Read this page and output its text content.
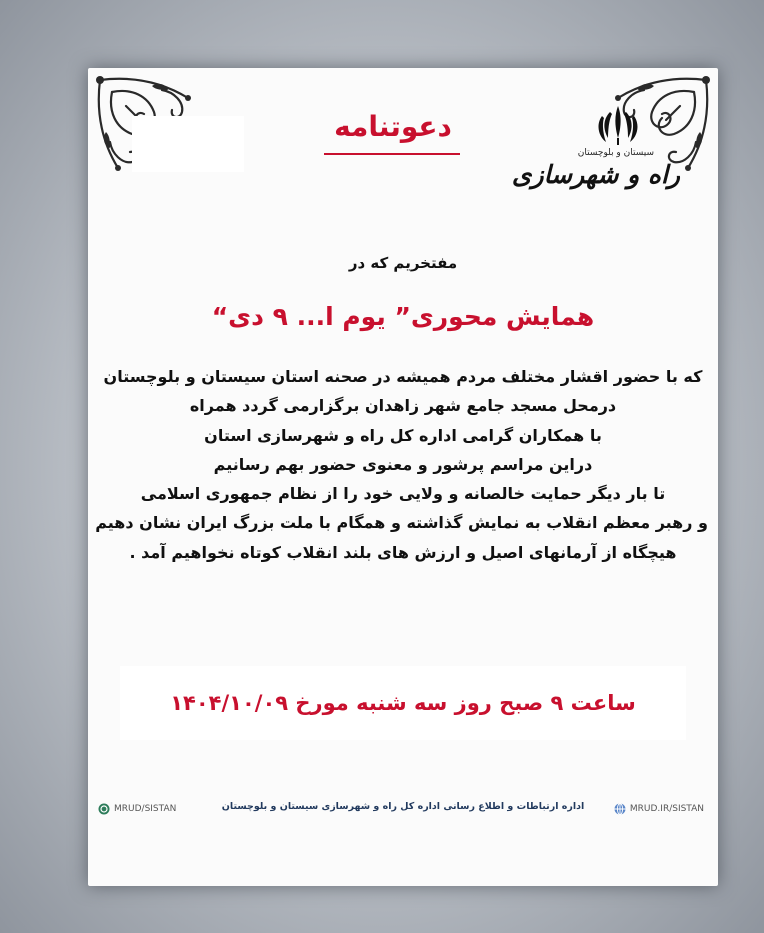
دعوتنامه
سیستان و بلوچستان
راه و شهرسازی
مفتخریم که در
همایش محوری” یوم ا... ۹ دی“
که با حضور اقشار مختلف مردم همیشه در صحنه استان سیستان و بلوچستان
درمحل مسجد جامع شهر زاهدان برگزارمی گردد همراه
با همکاران گرامی اداره کل راه و شهرسازی استان
دراین مراسم پرشور و معنوی حضور بهم رسانیم
تا بار دیگر حمایت خالصانه و ولایی خود را از نظام جمهوری اسلامی
و رهبر معظم انقلاب به نمایش گذاشته و همگام با ملت بزرگ ایران نشان دهیم
هیچگاه از آرمانهای اصیل و ارزش های بلند انقلاب کوتاه نخواهیم آمد .
ساعت ۹ صبح روز سه شنبه مورخ ۱۴۰۴/۱۰/۰۹
MRUD/SISTAN	اداره ارتباطات و اطلاع رسانی اداره کل راه و شهرسازی سیستان و بلوچستان	MRUD.IR/SISTAN
